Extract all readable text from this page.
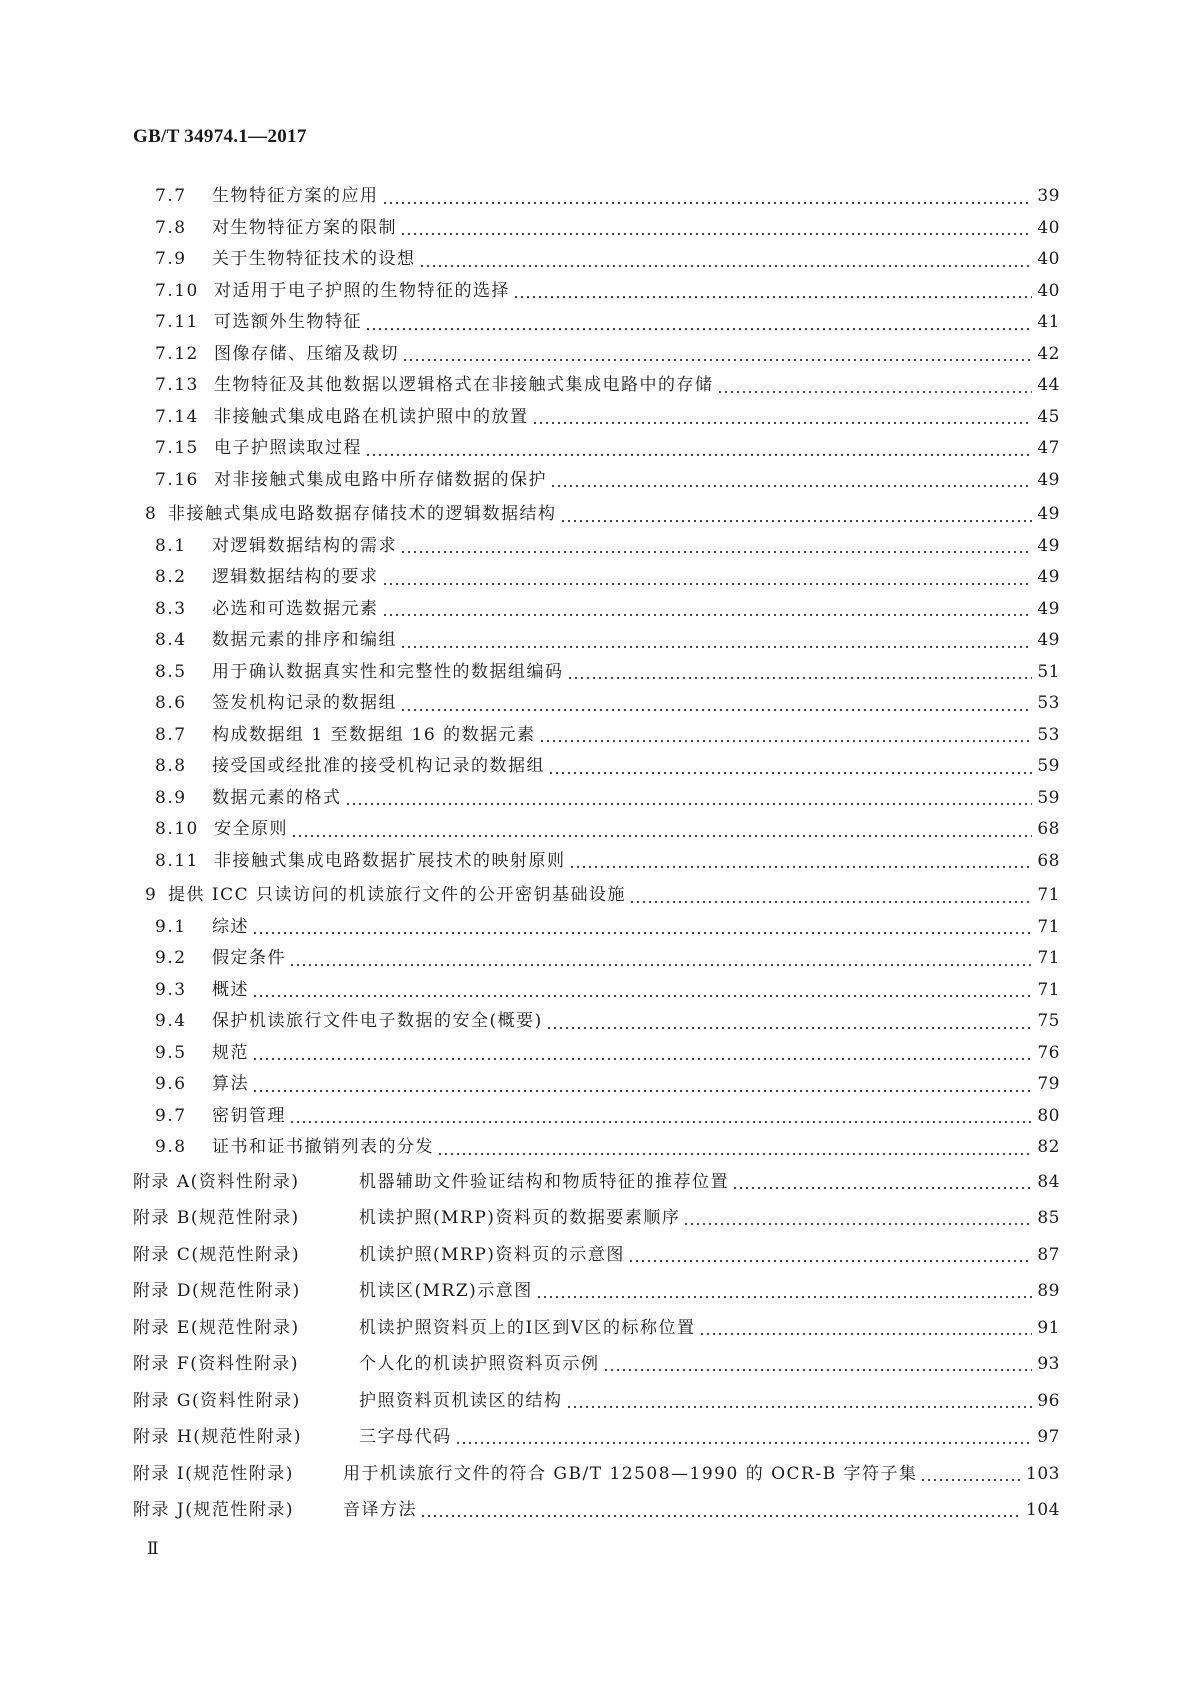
GB/T 34974.1—2017
7.7	生物特征方案的应用	39
7.8	对生物特征方案的限制	40
7.9	关于生物特征技术的设想	40
7.10 对适用于电子护照的生物特征的选择	40
7.11 可选额外生物特征	41
7.12 图像存储、压缩及裁切	42
7.13 生物特征及其他数据以逻辑格式在非接触式集成电路中的存储	44
7.14 非接触式集成电路在机读护照中的放置	45
7.15 电子护照读取过程	47
7.16 对非接触式集成电路中所存储数据的保护	49
8 非接触式集成电路数据存储技术的逻辑数据结构	49
8.1	对逻辑数据结构的需求	49
8.2	逻辑数据结构的要求	49
8.3	必选和可选数据元素	49
8.4	数据元素的排序和编组	49
8.5	用于确认数据真实性和完整性的数据组编码	51
8.6	签发机构记录的数据组	53
8.7	构成数据组 1 至数据组 16 的数据元素	53
8.8	接受国或经批准的接受机构记录的数据组	59
8.9	数据元素的格式	59
8.10 安全原则	68
8.11 非接触式集成电路数据扩展技术的映射原则	68
9 提供 ICC 只读访问的机读旅行文件的公开密钥基础设施	71
9.1	综述	71
9.2	假定条件	71
9.3	概述	71
9.4	保护机读旅行文件电子数据的安全(概要)	75
9.5	规范	76
9.6	算法	79
9.7	密钥管理	80
9.8	证书和证书撤销列表的分发	82
附录 A(资料性附录)	机器辅助文件验证结构和物质特征的推荐位置	84
附录 B(规范性附录)	机读护照(MRP)资料页的数据要素顺序	85
附录 C(规范性附录)	机读护照(MRP)资料页的示意图	87
附录 D(规范性附录)	机读区(MRZ)示意图	89
附录 E(规范性附录)	机读护照资料页上的Ⅰ区到Ⅴ区的标称位置	91
附录 F(资料性附录)	个人化的机读护照资料页示例	93
附录 G(资料性附录)	护照资料页机读区的结构	96
附录 H(规范性附录)	三字母代码	97
附录 I(规范性附录)	用于机读旅行文件的符合 GB/T 12508—1990 的 OCR-B 字符子集	103
附录 J(规范性附录)	音译方法	104
Ⅱ
